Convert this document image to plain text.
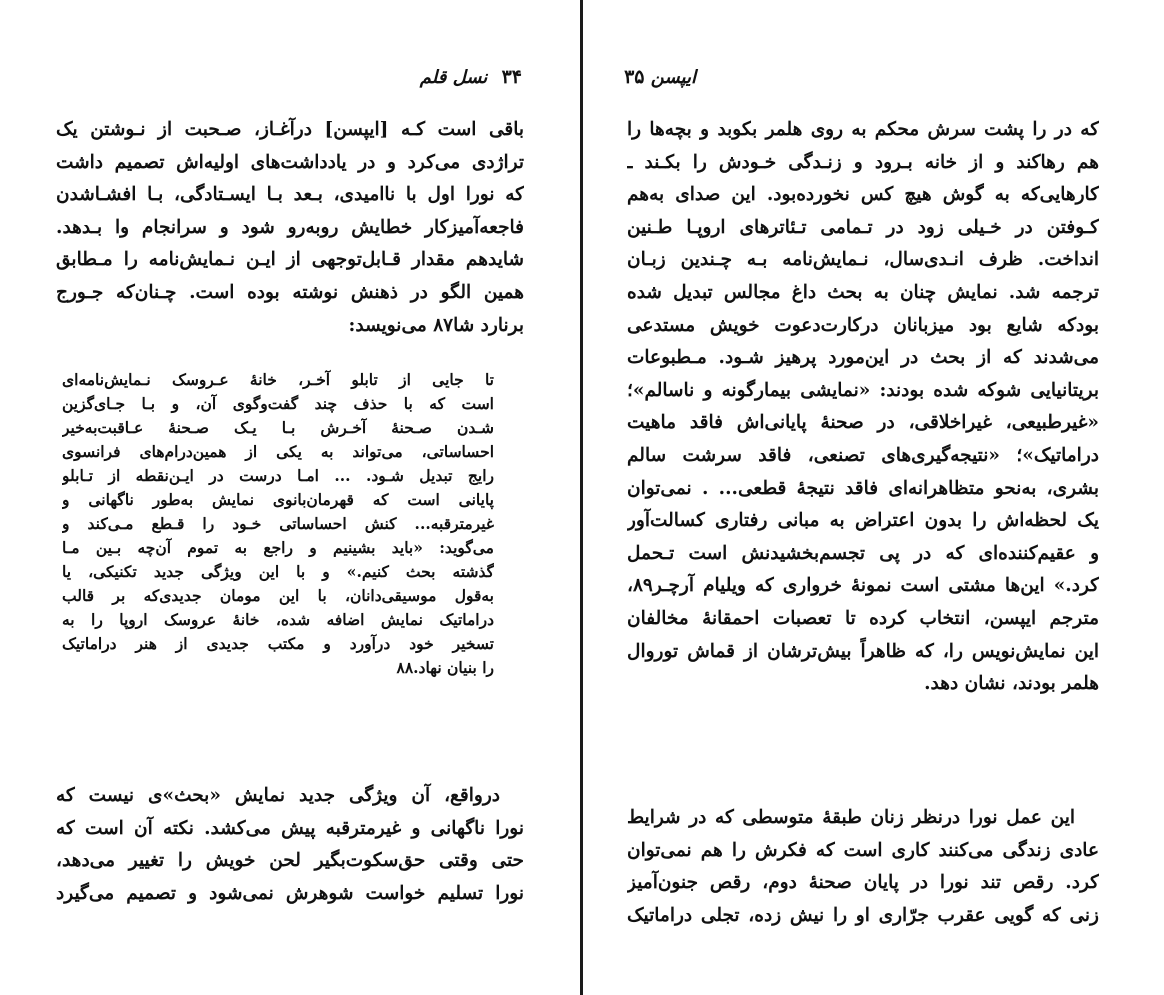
۳۴ نسل قلم
باقی است کـه [ایپسن] درآغـاز، صـحبت از نـوشتن یک
تراژدی می‌کرد و در یادداشت‌های اولیه‌اش تصمیم داشت
که نورا اول با ناامیدی، بـعد بـا ایسـتادگی، بـا افشـاشدن
فاجعه‌آمیزکار خطایش روبه‌رو شود و سرانجام وا بـدهد.
شایدهم مقدار قـابل‌توجهی از ایـن نـمایش‌نامه را مـطابق
همین الگو در ذهنش نوشته بوده است. چـنان‌که جـورج
برنارد شا۸۷ می‌نویسد:
تا جایی از تابلو آخـر، خانهٔ عـروسک نـمایش‌نامه‌ای
است که با حذف چند گفت‌وگوی آن، و بـا جـای‌گزین
شـدن صـحنهٔ آخـرش بـا یـک صـحنهٔ عـاقبت‌به‌خیر
احساساتی، می‌تواند به یکی از همین‌درام‌های فرانسوی
رایج تبدیل شـود. ... امـا درست در ایـن‌نقطه از تـابلو
پایانی است که قهرمان‌بانوی نمایش به‌طور ناگهانی و
غیرمترقبه... کنش احساساتی خـود را قـطع مـی‌کند و
می‌گوید: «باید بشینیم و راجع به تموم آن‌چه بـین مـا
گذشته بحث کنیم.» و با این ویژگی جدید تکنیکی، یا
به‌قول موسیقی‌دانان، با این مومان جدیدی‌که بر قالب
دراماتیک نمایش اضافه شده، خانهٔ عروسک اروپا را به
تسخیر خود درآورد و مکتب جدیدی از هنر دراماتیک
را بنیان نهاد.۸۸
درواقع، آن ویژگی جدید نمایش «بحث»ی نیست که
نورا ناگهانی و غیرمترقبه پیش می‌کشد. نکته آن است که
حتی وقتی حق‌سکوت‌بگیر لحن خویش را تغییر می‌دهد،
نورا تسلیم خواست شوهرش نمی‌شود و تصمیم می‌گیرد
ایپسن ۳۵
که در را پشت سرش محکم به روی هلمر بکوبد و بچه‌ها را
هم رهاکند و از خانه بـرود و زنـدگی خـودش را بکـند ـ
کارهایی‌که به گوش هیچ کس نخورده‌بود. این صدای به‌هم
کـوفتن در خـیلی زود در تـمامی تـئاترهای اروپـا طـنین
انداخت. ظرف انـدی‌سال، نـمایش‌نامه بـه چـندین زبـان
ترجمه شد. نمایش چنان به بحث داغ مجالس تبدیل شده
بودکه شایع بود میزبانان درکارت‌دعوت خویش مستدعی
می‌شدند که از بحث در این‌مورد پرهیز شـود. مـطبوعات
بریتانیایی شوکه شده بودند: «نمایشی بیمارگونه و ناسالم»؛
«غیرطبیعی، غیراخلاقی، در صحنهٔ پایانی‌اش فاقد ماهیت
دراماتیک»؛ «نتیجه‌گیری‌های تصنعی، فاقد سرشت سالم
بشری، به‌نحو متظاهرانه‌ای فاقد نتیجهٔ قطعی... . نمی‌توان
یک لحظه‌اش را بدون اعتراض به مبانی رفتاری کسالت‌آور
و عقیم‌کننده‌ای که در پی تجسم‌بخشیدنش است تـحمل
کرد.» این‌ها مشتی است نمونهٔ خرواری که ویلیام آرچـر۸۹،
مترجم ایپسن، انتخاب کرده تا تعصبات احمقانهٔ مخالفان
این نمایش‌نویس را، که ظاهراً بیش‌ترشان از قماش توروال
هلمر بودند، نشان دهد.
این عمل نورا درنظر زنان طبقهٔ متوسطی که در شرایط
عادی زندگی می‌کنند کاری است که فکرش را هم نمی‌توان
کرد. رقص تند نورا در پایان صحنهٔ دوم، رقص جنون‌آمیز
زنی که گویی عقرب جرّاری او را نیش زده، تجلی دراماتیک
